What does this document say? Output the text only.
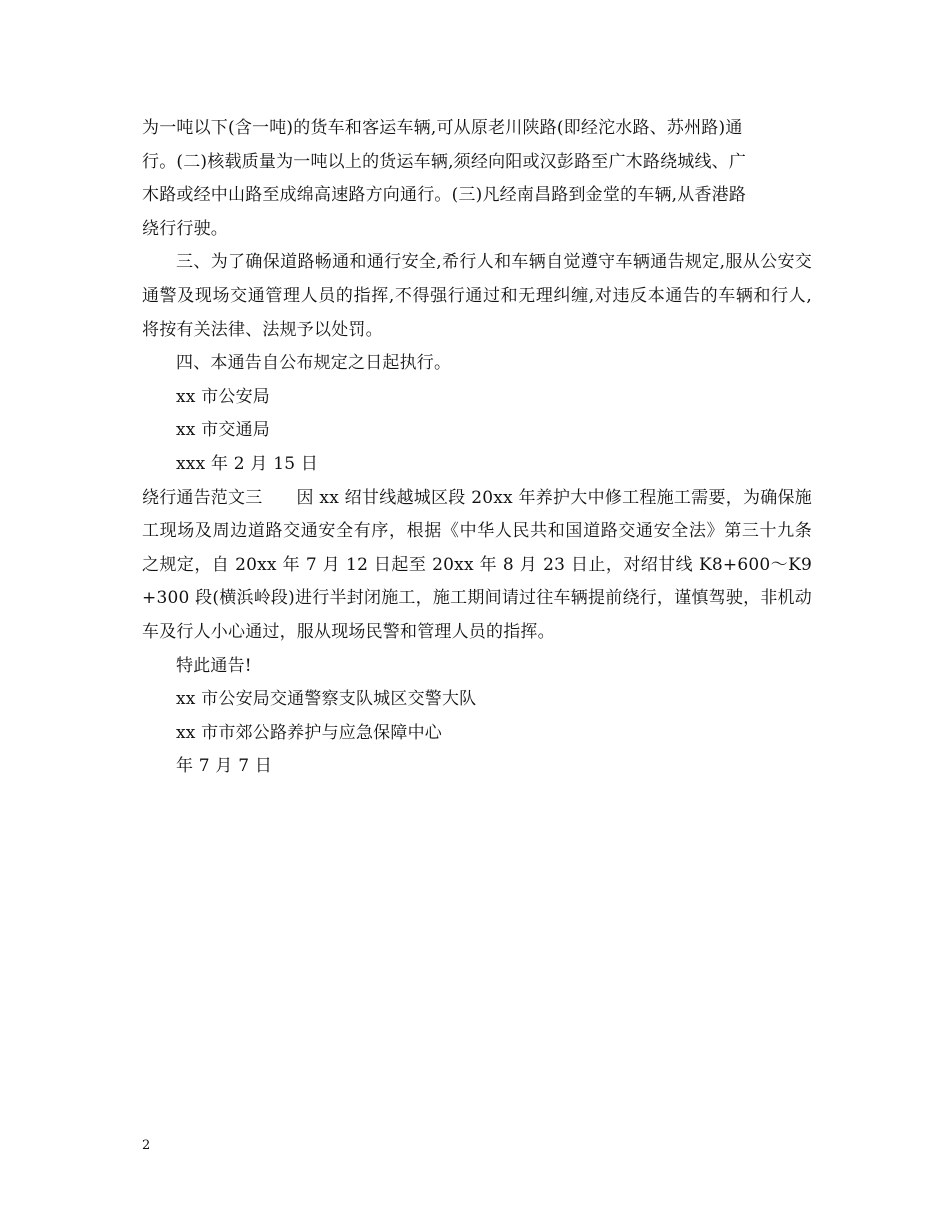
为一吨以下(含一吨)的货车和客运车辆,可从原老川陕路(即经沱水路、苏州路)通
行。(二)核载质量为一吨以上的货运车辆,须经向阳或汉彭路至广木路绕城线、广
木路或经中山路至成绵高速路方向通行。(三)凡经南昌路到金堂的车辆,从香港路
绕行行驶。

三、为了确保道路畅通和通行安全,希行人和车辆自觉遵守车辆通告规定,服从公安交通警及现场交通管理人员的指挥,不得强行通过和无理纠缠,对违反本通告的车辆和行人,将按有关法律、法规予以处罚。

四、本通告自公布规定之日起执行。

xx 市公安局

xx 市交通局

xxx 年 2 月 15 日

绕行通告范文三 因 xx 绍甘线越城区段 20xx 年养护大中修工程施工需要，为确保施工现场及周边道路交通安全有序，根据《中华人民共和国道路交通安全法》第三十九条之规定，自 20xx 年 7 月 12 日起至 20xx 年 8 月 23 日止，对绍甘线 K8+600～K9+300 段(横浜岭段)进行半封闭施工，施工期间请过往车辆提前绕行，谨慎驾驶，非机动车及行人小心通过，服从现场民警和管理人员的指挥。

特此通告!

xx 市公安局交通警察支队城区交警大队

xx 市市郊公路养护与应急保障中心

年 7 月 7 日

2
